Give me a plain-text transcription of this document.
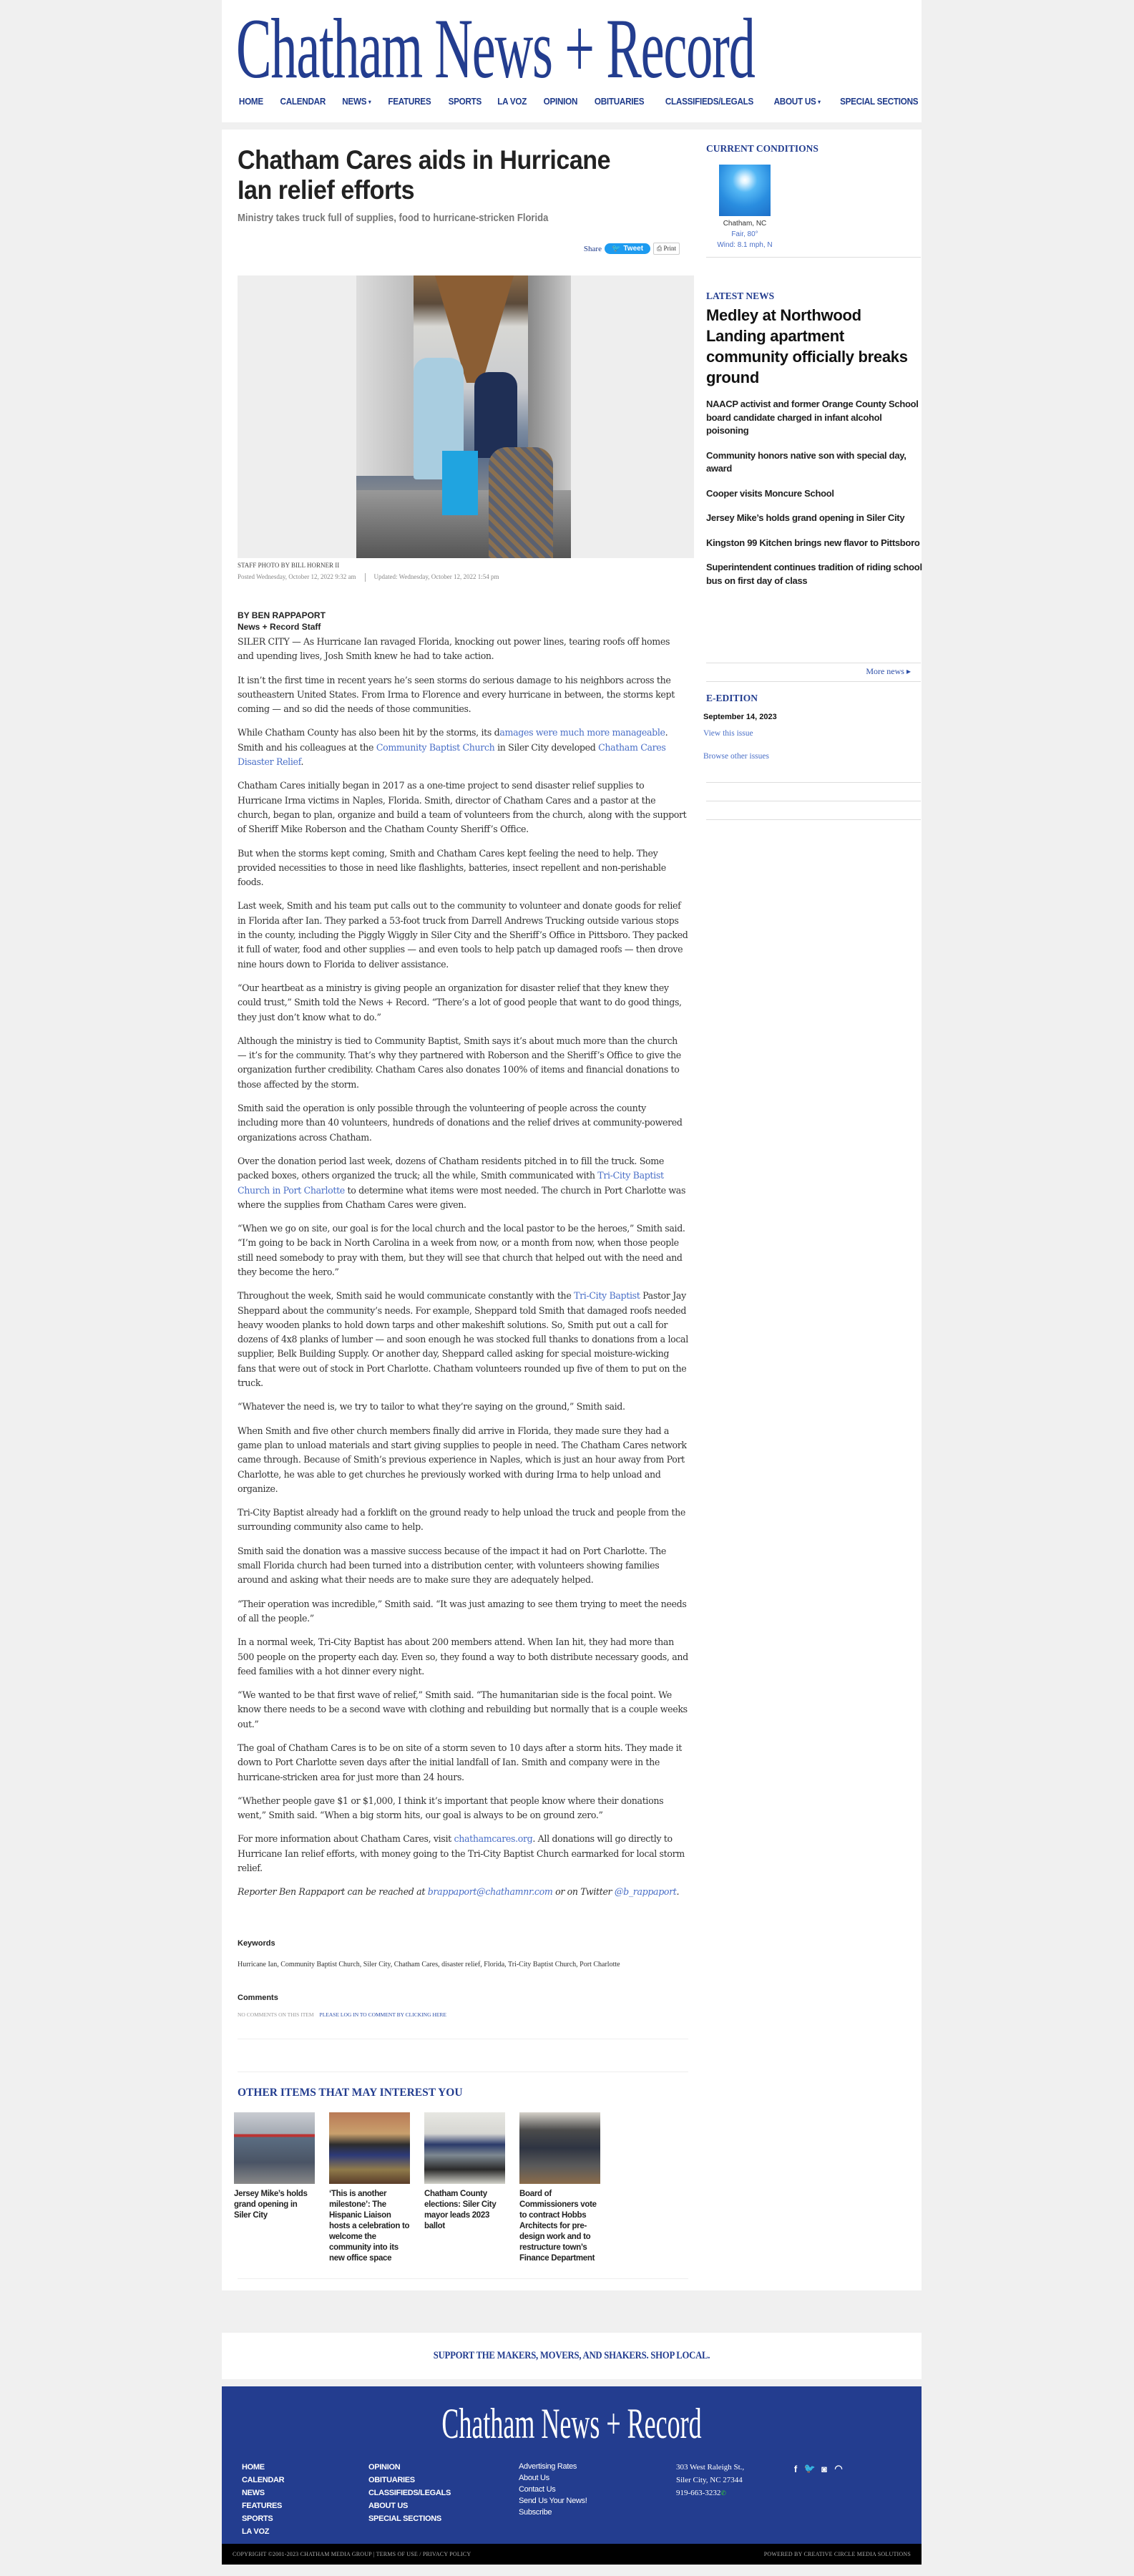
Chatham News + Record
HOME CALENDAR NEWS ▾ FEATURES SPORTS LA VOZ OPINION OBITUARIES CLASSIFIEDS/LEGALS ABOUT US ▾ SPECIAL SECTIONS
Chatham Cares aids in Hurricane Ian relief efforts
Ministry takes truck full of supplies, food to hurricane-stricken Florida
Share 🐦 Tweet	⎙ Print
STAFF PHOTO BY BILL HORNER II
Posted Wednesday, October 12, 2022 9:32 am	Updated: Wednesday, October 12, 2022 1:54 pm
BY BEN RAPPAPORT
News + Record Staff

SILER CITY — As Hurricane Ian ravaged Florida, knocking out power lines, tearing roofs off homes and upending lives, Josh Smith knew he had to take action.

It isn’t the first time in recent years he’s seen storms do serious damage to his neighbors across the southeastern United States. From Irma to Florence and every hurricane in between, the storms kept coming — and so did the needs of those communities.

While Chatham County has also been hit by the storms, its damages were much more manageable. Smith and his colleagues at the Community Baptist Church in Siler City developed Chatham Cares Disaster Relief.

Chatham Cares initially began in 2017 as a one-time project to send disaster relief supplies to Hurricane Irma victims in Naples, Florida. Smith, director of Chatham Cares and a pastor at the church, began to plan, organize and build a team of volunteers from the church, along with the support of Sheriff Mike Roberson and the Chatham County Sheriff’s Office.

But when the storms kept coming, Smith and Chatham Cares kept feeling the need to help. They provided necessities to those in need like flashlights, batteries, insect repellent and non-perishable foods.

Last week, Smith and his team put calls out to the community to volunteer and donate goods for relief in Florida after Ian. They parked a 53-foot truck from Darrell Andrews Trucking outside various stops in the county, including the Piggly Wiggly in Siler City and the Sheriff’s Office in Pittsboro. They packed it full of water, food and other supplies — and even tools to help patch up damaged roofs — then drove nine hours down to Florida to deliver assistance.

“Our heartbeat as a ministry is giving people an organization for disaster relief that they knew they could trust,” Smith told the News + Record. “There’s a lot of good people that want to do good things, they just don’t know what to do.”

Although the ministry is tied to Community Baptist, Smith says it’s about much more than the church — it’s for the community. That’s why they partnered with Roberson and the Sheriff’s Office to give the organization further credibility. Chatham Cares also donates 100% of items and financial donations to those affected by the storm.

Smith said the operation is only possible through the volunteering of people across the county including more than 40 volunteers, hundreds of donations and the relief drives at community-powered organizations across Chatham.

Over the donation period last week, dozens of Chatham residents pitched in to fill the truck. Some packed boxes, others organized the truck; all the while, Smith communicated with Tri-City Baptist Church in Port Charlotte to determine what items were most needed. The church in Port Charlotte was where the supplies from Chatham Cares were given.

“When we go on site, our goal is for the local church and the local pastor to be the heroes,” Smith said. “I’m going to be back in North Carolina in a week from now, or a month from now, when those people still need somebody to pray with them, but they will see that church that helped out with the need and they become the hero.”

Throughout the week, Smith said he would communicate constantly with the Tri-City Baptist Pastor Jay Sheppard about the community’s needs. For example, Sheppard told Smith that damaged roofs needed heavy wooden planks to hold down tarps and other makeshift solutions. So, Smith put out a call for dozens of 4x8 planks of lumber — and soon enough he was stocked full thanks to donations from a local supplier, Belk Building Supply. Or another day, Sheppard called asking for special moisture-wicking fans that were out of stock in Port Charlotte. Chatham volunteers rounded up five of them to put on the truck.

“Whatever the need is, we try to tailor to what they’re saying on the ground,” Smith said.

When Smith and five other church members finally did arrive in Florida, they made sure they had a game plan to unload materials and start giving supplies to people in need. The Chatham Cares network came through. Because of Smith’s previous experience in Naples, which is just an hour away from Port Charlotte, he was able to get churches he previously worked with during Irma to help unload and organize.

Tri-City Baptist already had a forklift on the ground ready to help unload the truck and people from the surrounding community also came to help.

Smith said the donation was a massive success because of the impact it had on Port Charlotte. The small Florida church had been turned into a distribution center, with volunteers showing families around and asking what their needs are to make sure they are adequately helped.

“Their operation was incredible,” Smith said. “It was just amazing to see them trying to meet the needs of all the people.”

In a normal week, Tri-City Baptist has about 200 members attend. When Ian hit, they had more than 500 people on the property each day. Even so, they found a way to both distribute necessary goods, and feed families with a hot dinner every night.

“We wanted to be that first wave of relief,” Smith said. “The humanitarian side is the focal point. We know there needs to be a second wave with clothing and rebuilding but normally that is a couple weeks out.”

The goal of Chatham Cares is to be on site of a storm seven to 10 days after a storm hits. They made it down to Port Charlotte seven days after the initial landfall of Ian. Smith and company were in the hurricane-stricken area for just more than 24 hours.

“Whether people gave $1 or $1,000, I think it’s important that people know where their donations went,” Smith said. “When a big storm hits, our goal is always to be on ground zero.”

For more information about Chatham Cares, visit chathamcares.org. All donations will go directly to Hurricane Ian relief efforts, with money going to the Tri-City Baptist Church earmarked for local storm relief.

Reporter Ben Rappaport can be reached at brappaport@chathamnr.com or on Twitter @b_rappaport.

Keywords
Hurricane Ian, Community Baptist Church, Siler City, Chatham Cares, disaster relief, Florida, Tri-City Baptist Church, Port Charlotte
Comments
NO COMMENTS ON THIS ITEM PLEASE LOG IN TO COMMENT BY CLICKING HERE
OTHER ITEMS THAT MAY INTEREST YOU
Jersey Mike’s holds grand opening in Siler City
‘This is another milestone’: The Hispanic Liaison hosts a celebration to welcome the community into its new office space
Chatham County elections: Siler City mayor leads 2023 ballot
Board of Commissioners vote to contract Hobbs Architects for pre-design work and to restructure town’s Finance Department
CURRENT CONDITIONS
Chatham, NC
Fair, 80°
Wind: 8.1 mph, N
LATEST NEWS
Medley at Northwood Landing apartment community officially breaks ground
NAACP activist and former Orange County School board candidate charged in infant alcohol poisoning
Community honors native son with special day, award
Cooper visits Moncure School
Jersey Mike’s holds grand opening in Siler City
Kingston 99 Kitchen brings new flavor to Pittsboro
Superintendent continues tradition of riding school bus on first day of class
More news ▸
E-EDITION
September 14, 2023
View this issue
Browse other issues
SUPPORT THE MAKERS, MOVERS, AND SHAKERS. SHOP LOCAL.
Chatham News + Record
HOME
CALENDAR
NEWS
FEATURES
SPORTS
LA VOZ
OPINION
OBITUARIES
CLASSIFIEDS/LEGALS
ABOUT US
SPECIAL SECTIONS
Advertising Rates
About Us
Contact Us
Send Us Your News!
Subscribe
303 West Raleigh St.,
Siler City, NC 27344
919-663-3232✆
f 🐦 ◙ ◠
COPYRIGHT ©2001-2023 CHATHAM MEDIA GROUP | TERMS OF USE / PRIVACY POLICY	POWERED BY CREATIVE CIRCLE MEDIA SOLUTIONS
